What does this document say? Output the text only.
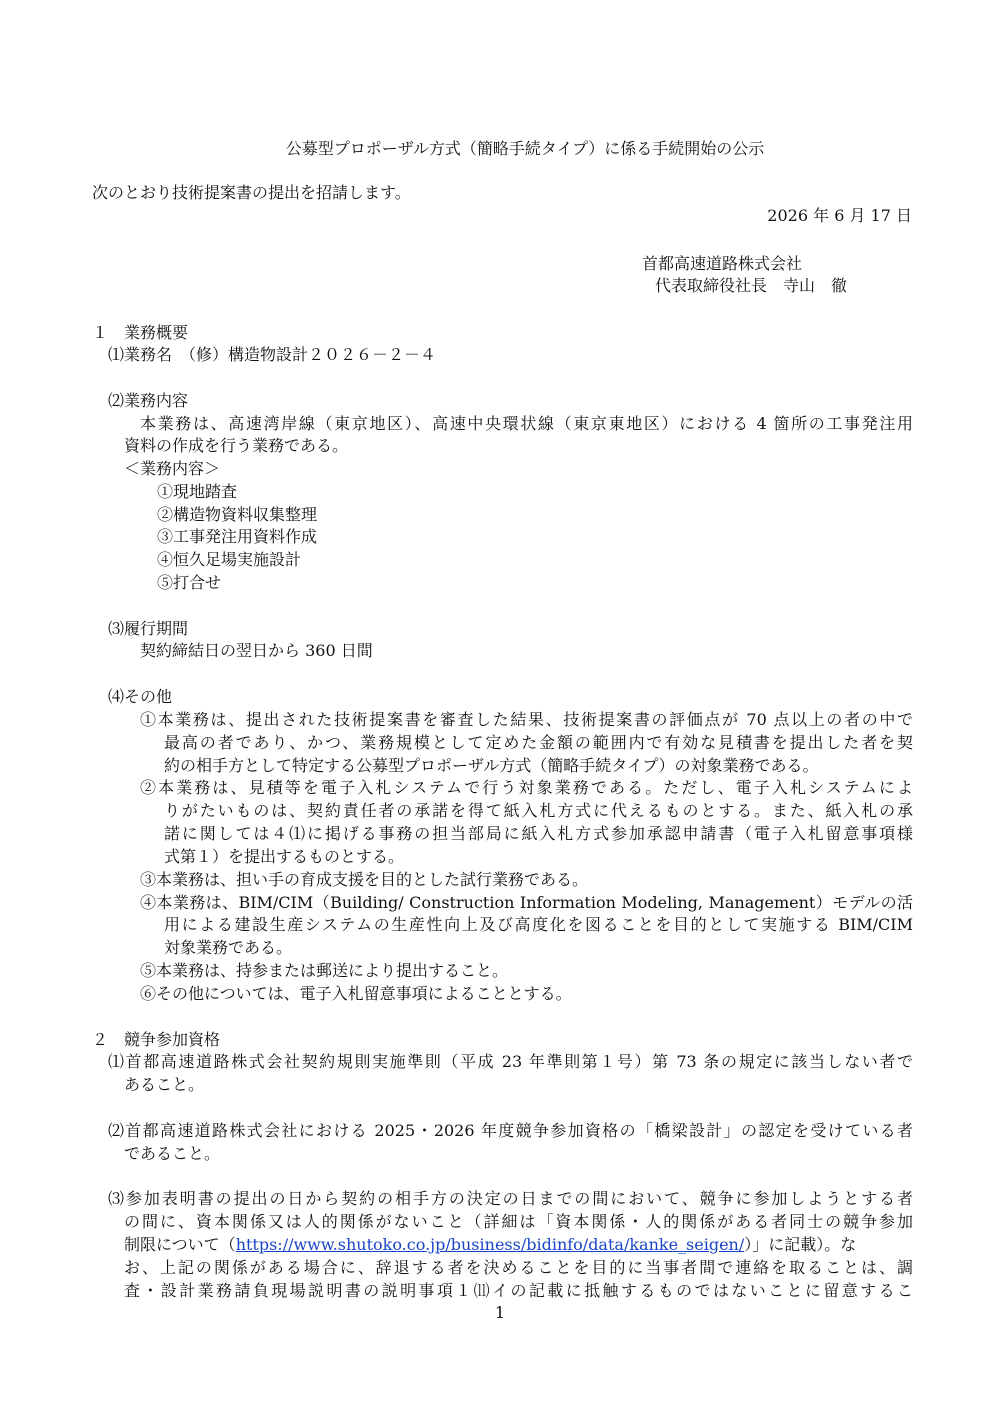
公募型プロポーザル方式（簡略手続タイプ）に係る手続開始の公示
次のとおり技術提案書の提出を招請します。
2026 年 6 月 17 日
首都高速道路株式会社
代表取締役社長　寺山　徹
１　業務概要
⑴業務名　（修）構造物設計２０２６－２－４
⑵業務内容
本業務は、高速湾岸線（東京地区）、高速中央環状線（東京東地区）における 4 箇所の工事発注用
資料の作成を行う業務である。
＜業務内容＞
①現地踏査
②構造物資料収集整理
③工事発注用資料作成
④恒久足場実施設計
⑤打合せ
⑶履行期間
契約締結日の翌日から 360 日間
⑷その他
①本業務は、提出された技術提案書を審査した結果、技術提案書の評価点が 70 点以上の者の中で
最高の者であり、かつ、業務規模として定めた金額の範囲内で有効な見積書を提出した者を契
約の相手方として特定する公募型プロポーザル方式（簡略手続タイプ）の対象業務である。
②本業務は、見積等を電子入札システムで行う対象業務である。ただし、電子入札システムによ
りがたいものは、契約責任者の承諾を得て紙入札方式に代えるものとする。また、紙入札の承
諾に関しては４⑴に掲げる事務の担当部局に紙入札方式参加承認申請書（電子入札留意事項様
式第１）を提出するものとする。
③本業務は、担い手の育成支援を目的とした試行業務である。
④本業務は、BIM/CIM（Building/ Construction Information Modeling, Management）モデルの活
用による建設生産システムの生産性向上及び高度化を図ることを目的として実施する BIM/CIM
対象業務である。
⑤本業務は、持参または郵送により提出すること。
⑥その他については、電子入札留意事項によることとする。
２　競争参加資格
⑴首都高速道路株式会社契約規則実施準則（平成 23 年準則第１号）第 73 条の規定に該当しない者で
あること。
⑵首都高速道路株式会社における 2025・2026 年度競争参加資格の「橋梁設計」の認定を受けている者
であること。
⑶参加表明書の提出の日から契約の相手方の決定の日までの間において、競争に参加しようとする者
の間に、資本関係又は人的関係がないこと（詳細は「資本関係・人的関係がある者同士の競争参加
制限について（https://www.shutoko.co.jp/business/bidinfo/data/kanke_seigen/）」に記載）。な
お、上記の関係がある場合に、辞退する者を決めることを目的に当事者間で連絡を取ることは、調
査・設計業務請負現場説明書の説明事項１⑾イの記載に抵触するものではないことに留意するこ
1
